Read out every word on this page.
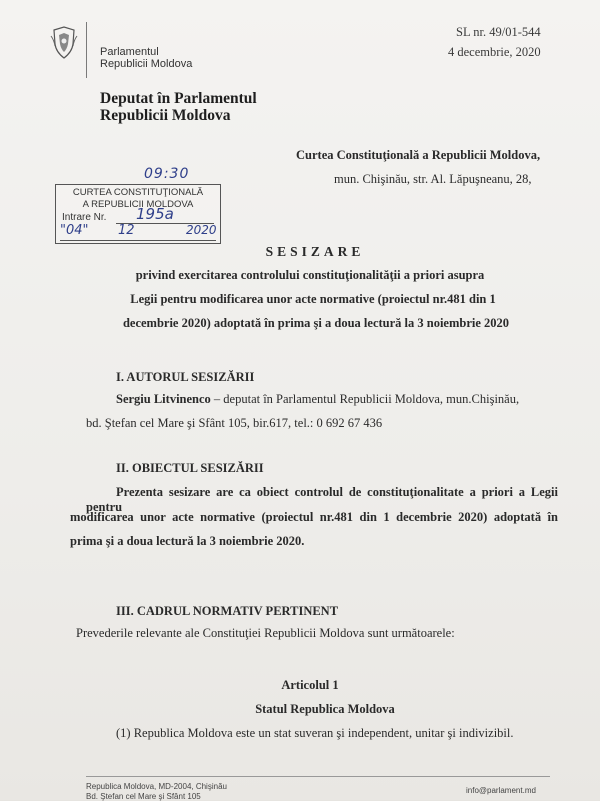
Parlamentul
Republicii Moldova
SL nr. 49/01-544
4 decembrie, 2020
Deputat în Parlamentul
Republicii Moldova
Curtea Constituţională a Republicii Moldova,
mun. Chişinău, str. Al. Lăpuşneanu, 28,
09:30
CURTEA CONSTITUŢIONALĂ
A REPUBLICII MOLDOVA
Intrare Nr. 195a
"04" 12	2020
SESIZARE
privind exercitarea controlului constituţionalităţii a priori asupra
Legii pentru modificarea unor acte normative (proiectul nr.481 din 1
decembrie 2020) adoptată în prima şi a doua lectură la 3 noiembrie 2020
I. AUTORUL SESIZĂRII
Sergiu Litvinenco – deputat în Parlamentul Republicii Moldova, mun.Chişinău,
bd. Ştefan cel Mare şi Sfânt 105, bir.617, tel.: 0 692 67 436
II. OBIECTUL SESIZĂRII
Prezenta sesizare are ca obiect controlul de constituţionalitate a priori a Legii pentru
modificarea unor acte normative (proiectul nr.481 din 1 decembrie 2020) adoptată în
prima şi a doua lectură la 3 noiembrie 2020.
III. CADRUL NORMATIV PERTINENT
Prevederile relevante ale Constituţiei Republicii Moldova sunt următoarele:
Articolul 1
Statul Republica Moldova
(1) Republica Moldova este un stat suveran şi independent, unitar şi indivizibil.
Republica Moldova, MD-2004, Chişinău
Bd. Ştefan cel Mare şi Sfânt 105
info@parlament.md
